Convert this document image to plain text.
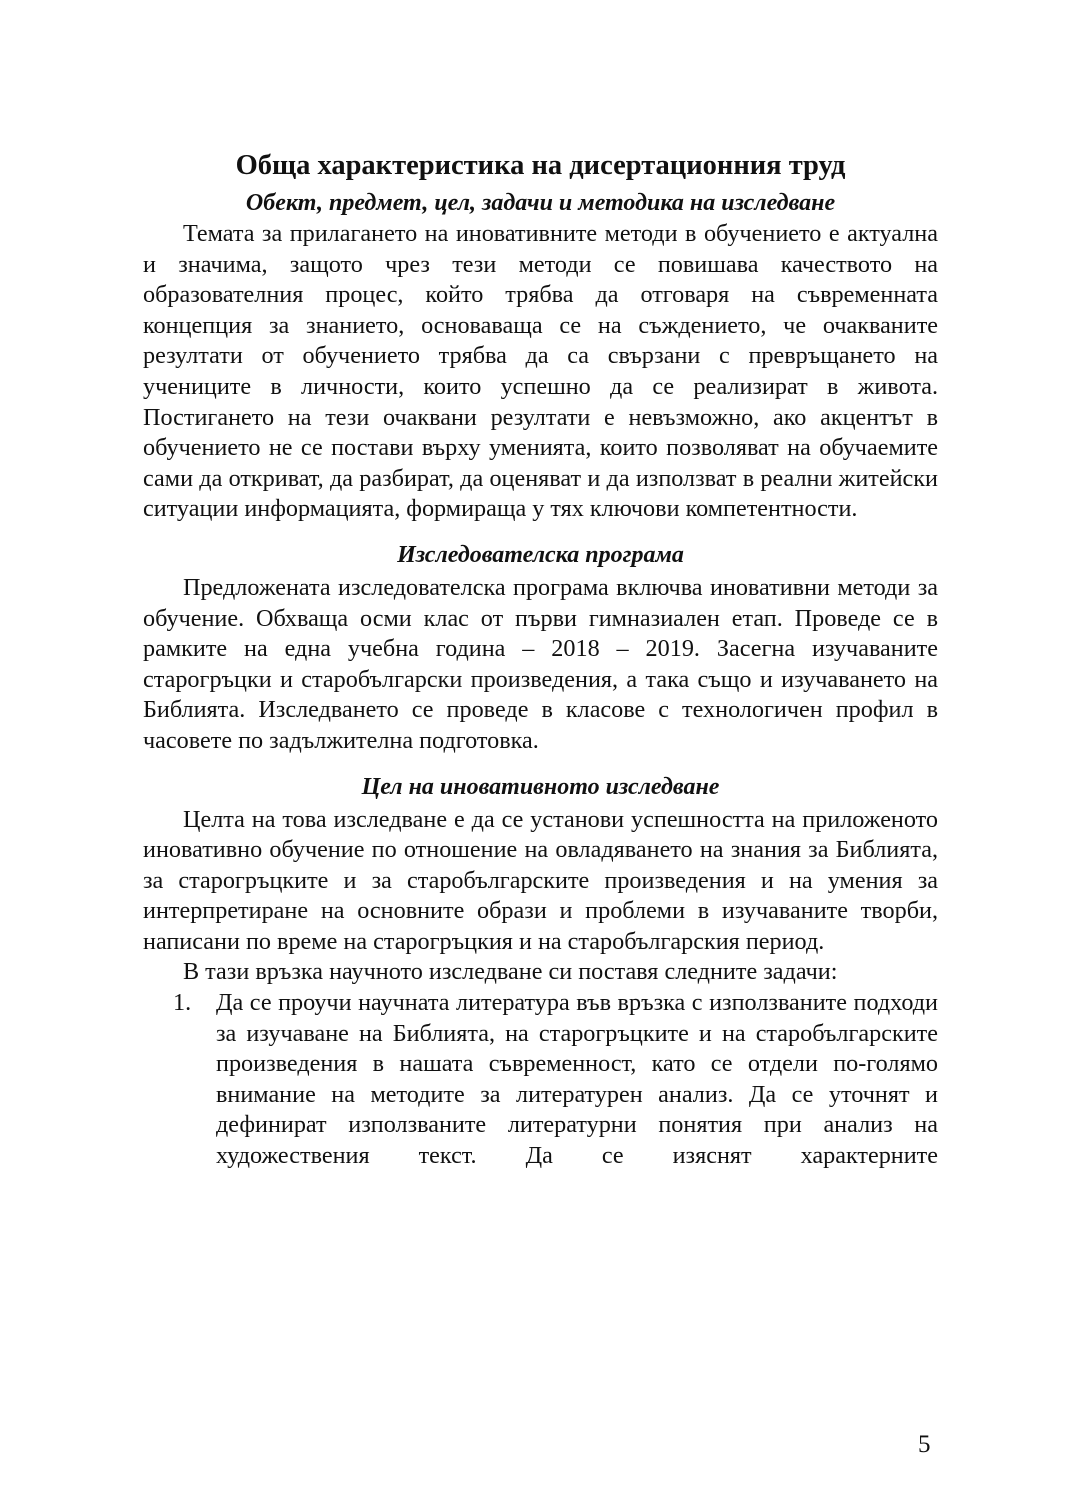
Обща характеристика на дисертационния труд
Обект, предмет, цел, задачи и методика на изследване

Темата за прилагането на иновативните методи в обучението е актуална и значима, защото чрез тези методи се повишава качеството на образователния процес, който трябва да отговаря на съвременната концепция за знанието, основаваща се на съждението, че очакваните резултати от обучението трябва да са свързани с превръщането на учениците в личности, които успешно да се реализират в живота. Постигането на тези очаквани резултати е невъзможно, ако акцентът в обучението не се постави върху уменията, които позволяват на обучаемите сами да откриват, да разбират, да оценяват и да използват в реални житейски ситуации информацията, формираща у тях ключови компетентности.

Изследователска програма

Предложената изследователска програма включва иновативни методи за обучение. Обхваща осми клас от първи гимназиален етап. Проведе се в рамките на една учебна година – 2018 – 2019. Засегна изучаваните старогръцки и старобългарски произведения, а така също и изучаването на Библията. Изследването се проведе в класове с технологичен профил в часовете по задължителна подготовка.

Цел на иновативното изследване

Целта на това изследване е да се установи успешността на приложеното иновативно обучение по отношение на овладяването на знания за Библията, за старогръцките и за старобългарските произведения и на умения за интерпретиране на основните образи и проблеми в изучаваните творби, написани по време на старогръцкия и на старобългарския период.

В тази връзка научното изследване си поставя следните задачи:

1. Да се проучи научната литература във връзка с използваните подходи за изучаване на Библията, на старогръцките и на старобългарските произведения в нашата съвременност, като се отдели по-голямо внимание на методите за литературен анализ. Да се уточнят и дефинират използваните литературни понятия при анализ на художествения текст. Да се изяснят характерните
5
